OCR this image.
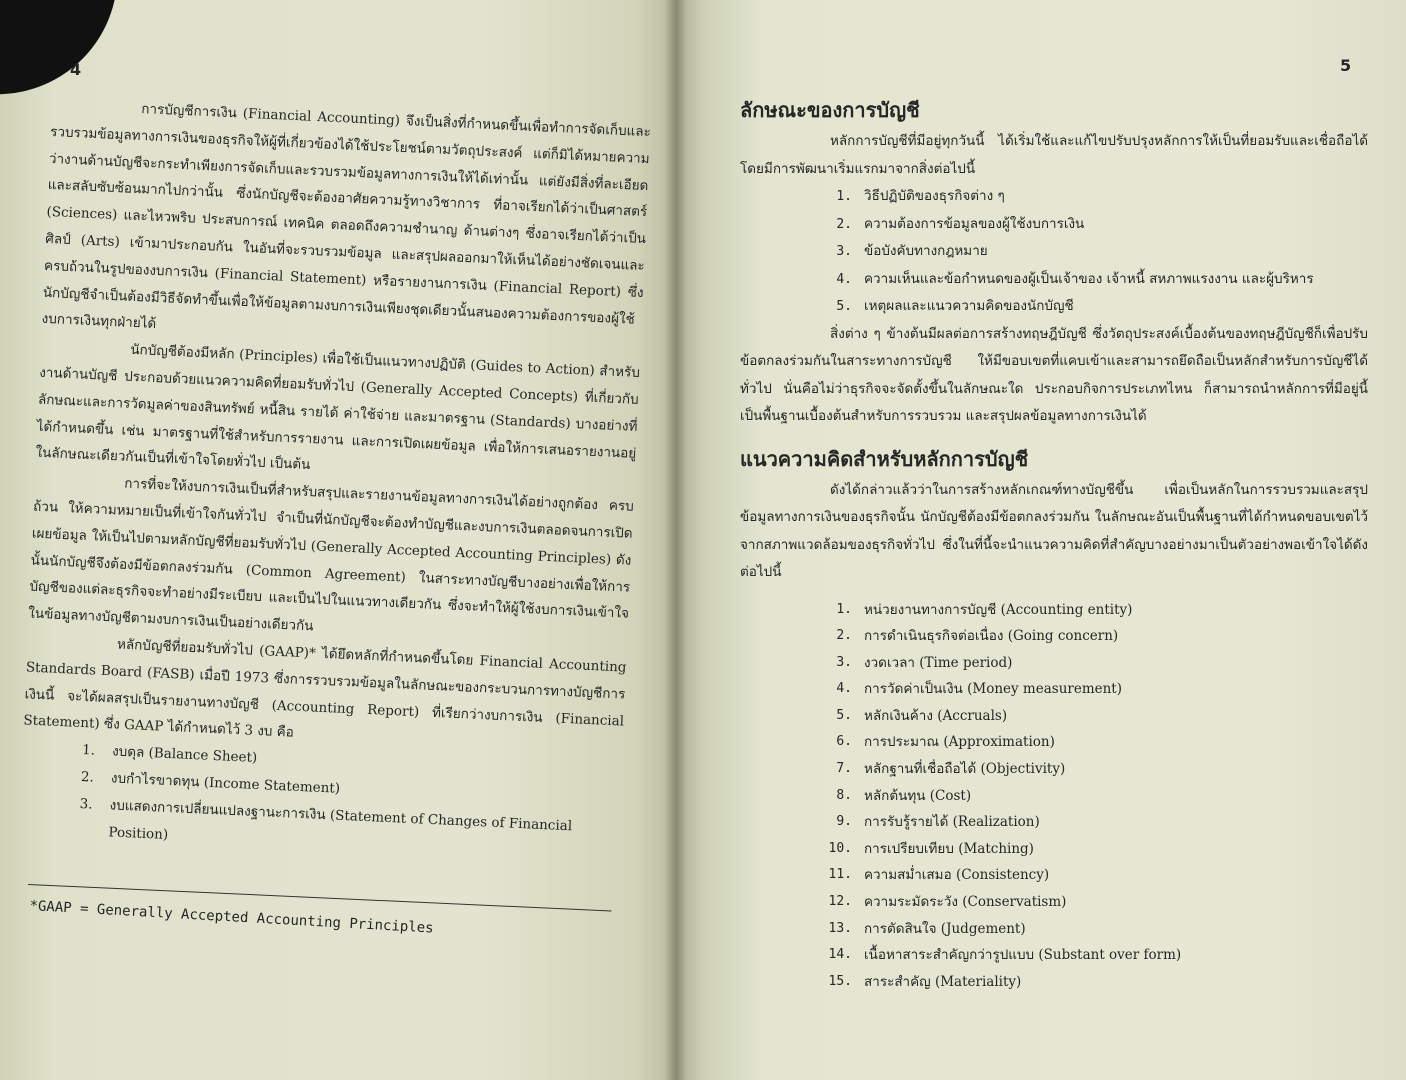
4

การบัญชีการเงิน (Financial Accounting) จึงเป็นสิ่งที่กำหนดขึ้นเพื่อทำการจัดเก็บและรวบรวมข้อมูลทางการเงินของธุรกิจให้ผู้ที่เกี่ยวข้องได้ใช้ประโยชน์ตามวัตถุประสงค์ แต่ก็มิได้หมายความว่างานด้านบัญชีจะกระทำเพียงการจัดเก็บและรวบรวมข้อมูลทางการเงินให้ได้เท่านั้น แต่ยังมีสิ่งที่ละเอียด และสลับซับซ้อนมากไปกว่านั้น ซึ่งนักบัญชีจะต้องอาศัยความรู้ทางวิชาการ ที่อาจเรียกได้ว่าเป็นศาสตร์ (Sciences) และไหวพริบ ประสบการณ์ เทคนิค ตลอดถึงความชำนาญ ด้านต่างๆ ซึ่งอาจเรียกได้ว่าเป็นศิลป์ (Arts) เข้ามาประกอบกัน ในอันที่จะรวบรวมข้อมูล และสรุปผลออกมาให้เห็นได้อย่างชัดเจนและครบถ้วนในรูปของงบการเงิน (Financial Statement) หรือรายงานการเงิน (Financial Report) ซึ่งนักบัญชีจำเป็นต้องมีวิธีจัดทำขึ้นเพื่อให้ข้อมูลตามงบการเงินเพียงชุดเดียวนั้นสนองความต้องการของผู้ใช้งบการเงินทุกฝ่ายได้

นักบัญชีต้องมีหลัก (Principles) เพื่อใช้เป็นแนวทางปฏิบัติ (Guides to Action) สำหรับงานด้านบัญชี ประกอบด้วยแนวความคิดที่ยอมรับทั่วไป (Generally Accepted Concepts) ที่เกี่ยวกับลักษณะและการวัดมูลค่าของสินทรัพย์ หนี้สิน รายได้ ค่าใช้จ่าย และมาตรฐาน (Standards) บางอย่างที่ได้กำหนดขึ้น เช่น มาตรฐานที่ใช้สำหรับการรายงาน และการเปิดเผยข้อมูล เพื่อให้การเสนอรายงานอยู่ในลักษณะเดียวกันเป็นที่เข้าใจโดยทั่วไป เป็นต้น

การที่จะให้งบการเงินเป็นที่สำหรับสรุปและรายงานข้อมูลทางการเงินได้อย่างถูกต้อง ครบถ้วน ให้ความหมายเป็นที่เข้าใจกันทั่วไป จำเป็นที่นักบัญชีจะต้องทำบัญชีและงบการเงินตลอดจนการเปิดเผยข้อมูล ให้เป็นไปตามหลักบัญชีที่ยอมรับทั่วไป (Generally Accepted Accounting Principles) ดังนั้นนักบัญชีจึงต้องมีข้อตกลงร่วมกัน (Common Agreement) ในสาระทางบัญชีบางอย่างเพื่อให้การบัญชีของแต่ละธุรกิจจะทำอย่างมีระเบียบ และเป็นไปในแนวทางเดียวกัน ซึ่งจะทำให้ผู้ใช้งบการเงินเข้าใจในข้อมูลทางบัญชีตามงบการเงินเป็นอย่างเดียวกัน

หลักบัญชีที่ยอมรับทั่วไป (GAAP)* ได้ยึดหลักที่กำหนดขึ้นโดย Financial Accounting Standards Board (FASB) เมื่อปี 1973 ซึ่งการรวบรวมข้อมูลในลักษณะของกระบวนการทางบัญชีการเงินนี้ จะได้ผลสรุปเป็นรายงานทางบัญชี (Accounting Report) ที่เรียกว่างบการเงิน (Financial Statement) ซึ่ง GAAP ได้กำหนดไว้ 3 งบ คือ

1. งบดุล (Balance Sheet)
2. งบกำไรขาดทุน (Income Statement)
3. งบแสดงการเปลี่ยนแปลงฐานะการเงิน (Statement of Changes of Financial Position)
*GAAP = Generally Accepted Accounting Principles
5
ลักษณะของการบัญชี

หลักการบัญชีที่มีอยู่ทุกวันนี้ ได้เริ่มใช้และแก้ไขปรับปรุงหลักการให้เป็นที่ยอมรับและเชื่อถือได้ โดยมีการพัฒนาเริ่มแรกมาจากสิ่งต่อไปนี้

1. วิธีปฏิบัติของธุรกิจต่าง ๆ
2. ความต้องการข้อมูลของผู้ใช้งบการเงิน
3. ข้อบังคับทางกฎหมาย
4. ความเห็นและข้อกำหนดของผู้เป็นเจ้าของ เจ้าหนี้ สหภาพแรงงาน และผู้บริหาร
5. เหตุผลและแนวความคิดของนักบัญชี

สิ่งต่าง ๆ ข้างต้นมีผลต่อการสร้างทฤษฎีบัญชี ซึ่งวัตถุประสงค์เบื้องต้นของทฤษฎีบัญชีก็เพื่อปรับข้อตกลงร่วมกันในสาระทางการบัญชี ให้มีขอบเขตที่แคบเข้าและสามารถยึดถือเป็นหลักสำหรับการบัญชีได้ทั่วไป นั่นคือไม่ว่าธุรกิจจะจัดตั้งขึ้นในลักษณะใด ประกอบกิจการประเภทไหน ก็สามารถนำหลักการที่มีอยู่นี้เป็นพื้นฐานเบื้องต้นสำหรับการรวบรวม และสรุปผลข้อมูลทางการเงินได้

แนวความคิดสำหรับหลักการบัญชี

ดังได้กล่าวแล้วว่าในการสร้างหลักเกณฑ์ทางบัญชีขึ้น เพื่อเป็นหลักในการรวบรวมและสรุปข้อมูลทางการเงินของธุรกิจนั้น นักบัญชีต้องมีข้อตกลงร่วมกัน ในลักษณะอันเป็นพื้นฐานที่ได้กำหนดขอบเขตไว้จากสภาพแวดล้อมของธุรกิจทั่วไป ซึ่งในที่นี้จะนำแนวความคิดที่สำคัญบางอย่างมาเป็นตัวอย่างพอเข้าใจได้ดังต่อไปนี้

1. หน่วยงานทางการบัญชี (Accounting entity)
2. การดำเนินธุรกิจต่อเนื่อง (Going concern)
3. งวดเวลา (Time period)
4. การวัดค่าเป็นเงิน (Money measurement)
5. หลักเงินค้าง (Accruals)
6. การประมาณ (Approximation)
7. หลักฐานที่เชื่อถือได้ (Objectivity)
8. หลักต้นทุน (Cost)
9. การรับรู้รายได้ (Realization)
10. การเปรียบเทียบ (Matching)
11. ความสม่ำเสมอ (Consistency)
12. ความระมัดระวัง (Conservatism)
13. การตัดสินใจ (Judgement)
14. เนื้อหาสาระสำคัญกว่ารูปแบบ (Substant over form)
15. สาระสำคัญ (Materiality)
